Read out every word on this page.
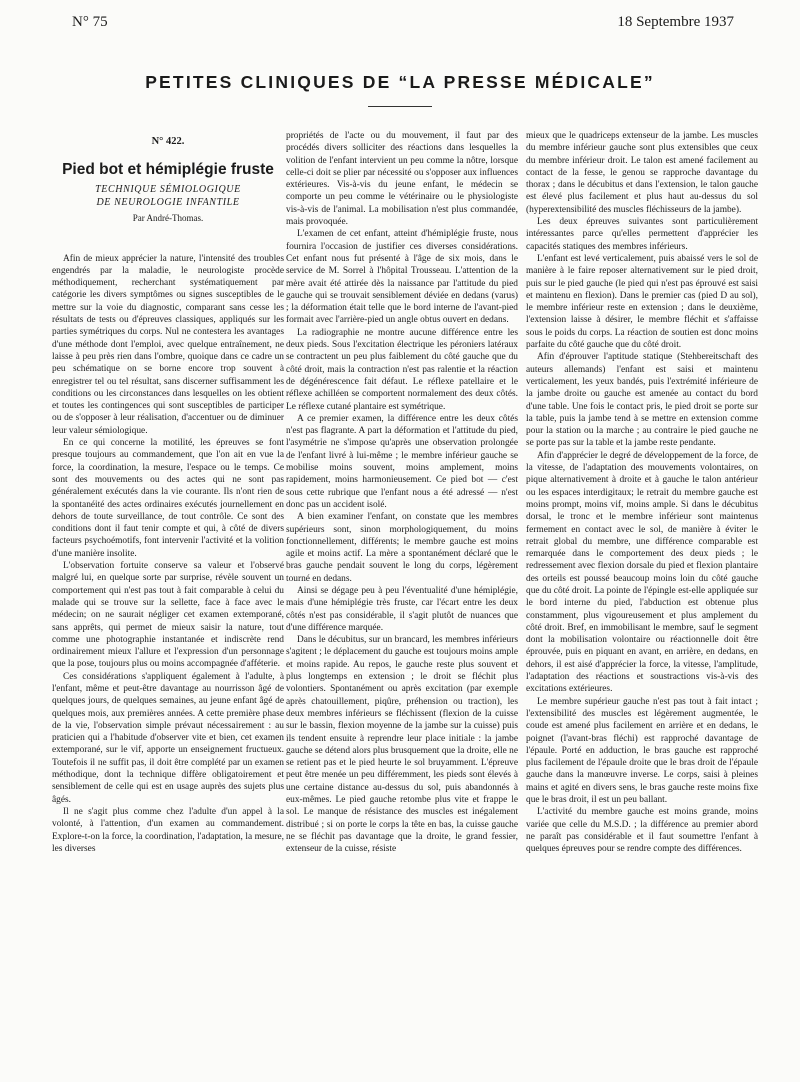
N° 75	18 Septembre 1937
PETITES CLINIQUES DE “LA PRESSE MÉDICALE”
N° 422.
Pied bot et hémiplégie fruste
TECHNIQUE SÉMIOLOGIQUE
DE NEUROLOGIE INFANTILE
Par André-Thomas.

Afin de mieux apprécier la nature, l'intensité des troubles engendrés par la maladie, le neurologiste procède méthodiquement, recherchant systématiquement par catégorie les divers symptômes ou signes susceptibles de le mettre sur la voie du diagnostic, comparant sans cesse les résultats de tests ou d'épreuves classiques, appliqués sur les parties symétriques du corps. Nul ne contestera les avantages d'une méthode dont l'emploi, avec quelque entraînement, ne laisse à peu près rien dans l'ombre, quoique dans ce cadre un peu schématique on se borne encore trop souvent à enregistrer tel ou tel résultat, sans discerner suffisamment les conditions ou les circonstances dans lesquelles on les obtient et toutes les contingences qui sont susceptibles de participer ou de s'opposer à leur réalisation, d'accentuer ou de diminuer leur valeur sémiologique.

En ce qui concerne la motilité, les épreuves se font presque toujours au commandement, que l'on ait en vue la force, la coordination, la mesure, l'espace ou le temps. Ce sont des mouvements ou des actes qui ne sont pas généralement exécutés dans la vie courante. Ils n'ont rien de la spontanéité des actes ordinaires exécutés journellement en dehors de toute surveillance, de tout contrôle. Ce sont des conditions dont il faut tenir compte et qui, à côté de divers facteurs psychoémotifs, font intervenir l'activité et la volition d'une manière insolite.

L'observation fortuite conserve sa valeur et l'observé malgré lui, en quelque sorte par surprise, révèle souvent un comportement qui n'est pas tout à fait comparable à celui du malade qui se trouve sur la sellette, face à face avec le médecin; on ne saurait négliger cet examen extemporané, sans apprêts, qui permet de mieux saisir la nature, tout comme une photographie instantanée et indiscrète rend ordinairement mieux l'allure et l'expression d'un personnage que la pose, toujours plus ou moins accompagnée d'afféterie.

Ces considérations s'appliquent également à l'adulte, à l'enfant, même et peut-être davantage au nourrisson âgé de quelques jours, de quelques semaines, au jeune enfant âgé de quelques mois, aux premières années. A cette première phase de la vie, l'observation simple prévaut nécessairement : au praticien qui a l'habitude d'observer vite et bien, cet examen extemporané, sur le vif, apporte un enseignement fructueux. Toutefois il ne suffit pas, il doit être complété par un examen méthodique, dont la technique diffère obligatoirement et sensiblement de celle qui est en usage auprès des sujets plus âgés.

Il ne s'agit plus comme chez l'adulte d'un appel à la volonté, à l'attention, d'un examen au commandement. Explore-t-on la force, la coordination, l'adaptation, la mesure, les diverses

propriétés de l'acte ou du mouvement, il faut par des procédés divers solliciter des réactions dans lesquelles la volition de l'enfant intervient un peu comme la nôtre, lorsque celle-ci doit se plier par nécessité ou s'opposer aux influences extérieures. Vis-à-vis du jeune enfant, le médecin se comporte un peu comme le vétérinaire ou le physiologiste vis-à-vis de l'animal. La mobilisation n'est plus commandée, mais provoquée.

L'examen de cet enfant, atteint d'hémiplégie fruste, nous fournira l'occasion de justifier ces diverses considérations. Cet enfant nous fut présenté à l'âge de six mois, dans le service de M. Sorrel à l'hôpital Trousseau. L'attention de la mère avait été attirée dès la naissance par l'attitude du pied gauche qui se trouvait sensiblement déviée en dedans (varus) ; la déformation était telle que le bord interne de l'avant-pied formait avec l'arrière-pied un angle obtus ouvert en dedans.

La radiographie ne montre aucune différence entre les deux pieds. Sous l'excitation électrique les péroniers latéraux se contractent un peu plus faiblement du côté gauche que du côté droit, mais la contraction n'est pas ralentie et la réaction de dégénérescence fait défaut. Le réflexe patellaire et le réflexe achilléen se comportent normalement des deux côtés. Le réflexe cutané plantaire est symétrique.

A ce premier examen, la différence entre les deux côtés n'est pas flagrante. A part la déformation et l'attitude du pied, l'asymétrie ne s'impose qu'après une observation prolongée de l'enfant livré à lui-même ; le membre inférieur gauche se mobilise moins souvent, moins amplement, moins rapidement, moins harmonieusement. Ce pied bot — c'est sous cette rubrique que l'enfant nous a été adressé — n'est donc pas un accident isolé.

A bien examiner l'enfant, on constate que les membres supérieurs sont, sinon morphologiquement, du moins fonctionnellement, différents; le membre gauche est moins agile et moins actif. La mère a spontanément déclaré que le bras gauche pendait souvent le long du corps, légèrement tourné en dedans.

Ainsi se dégage peu à peu l'éventualité d'une hémiplégie, mais d'une hémiplégie très fruste, car l'écart entre les deux côtés n'est pas considérable, il s'agit plutôt de nuances que d'une différence marquée.

Dans le décubitus, sur un brancard, les membres inférieurs s'agitent ; le déplacement du gauche est toujours moins ample et moins rapide. Au repos, le gauche reste plus souvent et plus longtemps en extension ; le droit se fléchit plus volontiers. Spontanément ou après excitation (par exemple après chatouillement, piqûre, préhension ou traction), les deux membres inférieurs se fléchissent (flexion de la cuisse sur le bassin, flexion moyenne de la jambe sur la cuisse) puis ils tendent ensuite à reprendre leur place initiale : la jambe gauche se détend alors plus brusquement que la droite, elle ne se retient pas et le pied heurte le sol bruyamment. L'épreuve peut être menée un peu différemment, les pieds sont élevés à une certaine distance au-dessus du sol, puis abandonnés à eux-mêmes. Le pied gauche retombe plus vite et frappe le sol. Le manque de résistance des muscles est inégalement distribué ; si on porte le corps la tête en bas, la cuisse gauche ne se fléchit pas davantage que la droite, le grand fessier, extenseur de la cuisse, résiste

mieux que le quadriceps extenseur de la jambe. Les muscles du membre inférieur gauche sont plus extensibles que ceux du membre inférieur droit. Le talon est amené facilement au contact de la fesse, le genou se rapproche davantage du thorax ; dans le décubitus et dans l'extension, le talon gauche est élevé plus facilement et plus haut au-dessus du sol (hyperextensibilité des muscles fléchisseurs de la jambe).

Les deux épreuves suivantes sont particulièrement intéressantes parce qu'elles permettent d'apprécier les capacités statiques des membres inférieurs.

L'enfant est levé verticalement, puis abaissé vers le sol de manière à le faire reposer alternativement sur le pied droit, puis sur le pied gauche (le pied qui n'est pas éprouvé est saisi et maintenu en flexion). Dans le premier cas (pied D au sol), le membre inférieur reste en extension ; dans le deuxième, l'extension laisse à désirer, le membre fléchit et s'affaisse sous le poids du corps. La réaction de soutien est donc moins parfaite du côté gauche que du côté droit.

Afin d'éprouver l'aptitude statique (Stehbereitschaft des auteurs allemands) l'enfant est saisi et maintenu verticalement, les yeux bandés, puis l'extrémité inférieure de la jambe droite ou gauche est amenée au contact du bord d'une table. Une fois le contact pris, le pied droit se porte sur la table, puis la jambe tend à se mettre en extension comme pour la station ou la marche ; au contraire le pied gauche ne se porte pas sur la table et la jambe reste pendante.

Afin d'apprécier le degré de développement de la force, de la vitesse, de l'adaptation des mouvements volontaires, on pique alternativement à droite et à gauche le talon antérieur ou les espaces interdigitaux; le retrait du membre gauche est moins prompt, moins vif, moins ample. Si dans le décubitus dorsal, le tronc et le membre inférieur sont maintenus fermement en contact avec le sol, de manière à éviter le retrait global du membre, une différence comparable est remarquée dans le comportement des deux pieds ; le redressement avec flexion dorsale du pied et flexion plantaire des orteils est poussé beaucoup moins loin du côté gauche que du côté droit. La pointe de l'épingle est-elle appliquée sur le bord interne du pied, l'abduction est obtenue plus constamment, plus vigoureusement et plus amplement du côté droit. Bref, en immobilisant le membre, sauf le segment dont la mobilisation volontaire ou réactionnelle doit être éprouvée, puis en piquant en avant, en arrière, en dedans, en dehors, il est aisé d'apprécier la force, la vitesse, l'amplitude, l'adaptation des réactions et soustractions vis-à-vis des excitations extérieures.

Le membre supérieur gauche n'est pas tout à fait intact ; l'extensibilité des muscles est légèrement augmentée, le coude est amené plus facilement en arrière et en dedans, le poignet (l'avant-bras fléchi) est rapproché davantage de l'épaule. Porté en adduction, le bras gauche est rapproché plus facilement de l'épaule droite que le bras droit de l'épaule gauche dans la manœuvre inverse. Le corps, saisi à pleines mains et agité en divers sens, le bras gauche reste moins fixe que le bras droit, il est un peu ballant.

L'activité du membre gauche est moins grande, moins variée que celle du M.S.D. ; la différence au premier abord ne paraît pas considérable et il faut soumettre l'enfant à quelques épreuves pour se rendre compte des différences.
